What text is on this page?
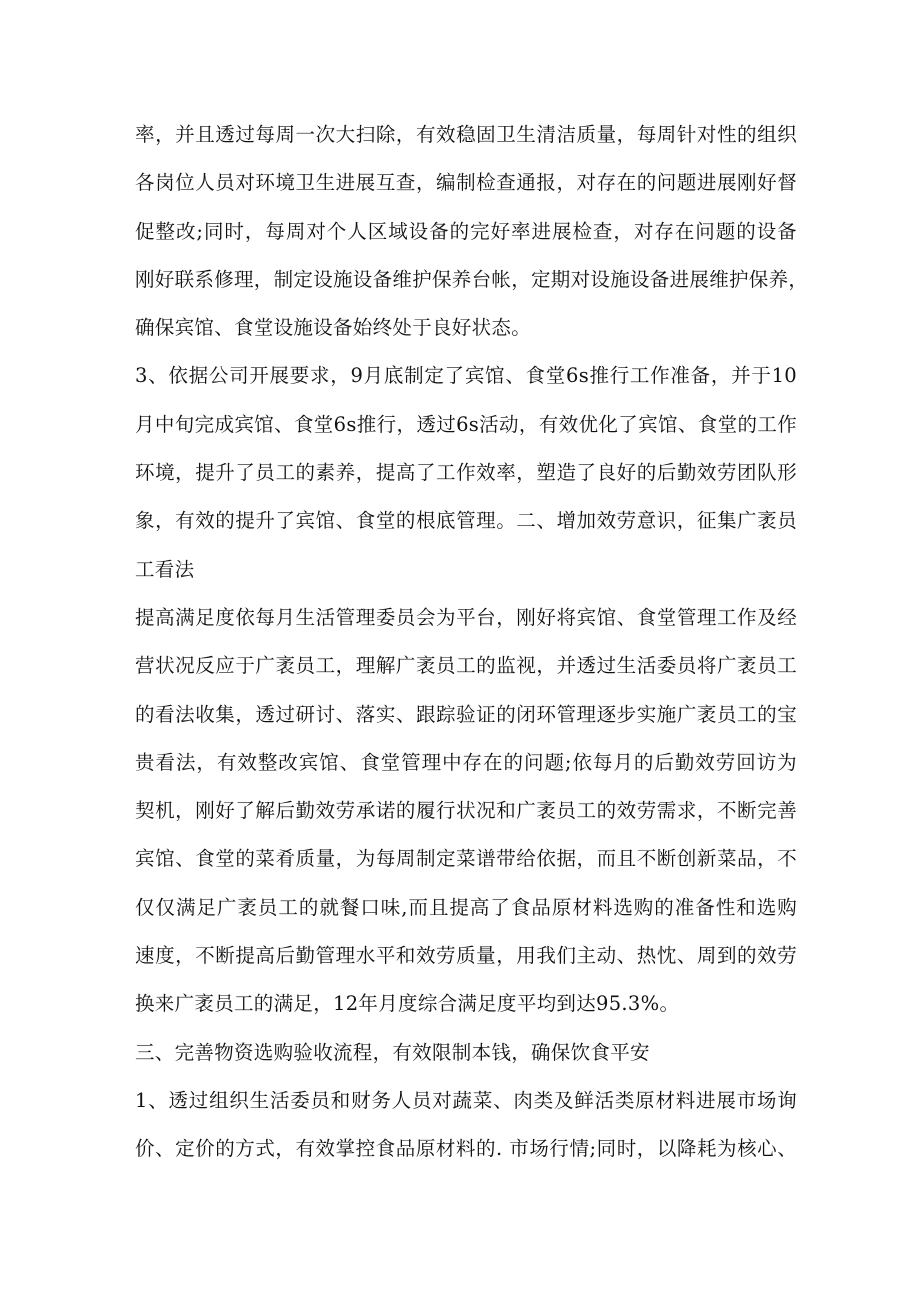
率，并且透过每周一次大扫除，有效稳固卫生清洁质量，每周针对性的组织
各岗位人员对环境卫生进展互查，编制检查通报，对存在的问题进展刚好督
促整改;同时，每周对个人区域设备的完好率进展检查，对存在问题的设备
刚好联系修理，制定设施设备维护保养台帐，定期对设施设备进展维护保养，
确保宾馆、食堂设施设备始终处于良好状态。
3、依据公司开展要求，9月底制定了宾馆、食堂6s推行工作准备，并于10
月中旬完成宾馆、食堂6s推行，透过6s活动，有效优化了宾馆、食堂的工作
环境，提升了员工的素养，提高了工作效率，塑造了良好的后勤效劳团队形
象，有效的提升了宾馆、食堂的根底管理。二、增加效劳意识，征集广袤员
工看法
提高满足度依每月生活管理委员会为平台，刚好将宾馆、食堂管理工作及经
营状况反应于广袤员工，理解广袤员工的监视，并透过生活委员将广袤员工
的看法收集，透过研讨、落实、跟踪验证的闭环管理逐步实施广袤员工的宝
贵看法，有效整改宾馆、食堂管理中存在的问题;依每月的后勤效劳回访为
契机，刚好了解后勤效劳承诺的履行状况和广袤员工的效劳需求，不断完善
宾馆、食堂的菜肴质量，为每周制定菜谱带给依据，而且不断创新菜品，不
仅仅满足广袤员工的就餐口味,而且提高了食品原材料选购的准备性和选购
速度，不断提高后勤管理水平和效劳质量，用我们主动、热忱、周到的效劳
换来广袤员工的满足，12年月度综合满足度平均到达95.3%。
三、完善物资选购验收流程，有效限制本钱，确保饮食平安
1、透过组织生活委员和财务人员对蔬菜、肉类及鲜活类原材料进展市场询
价、定价的方式，有效掌控食品原材料的. 市场行情;同时，以降耗为核心、
